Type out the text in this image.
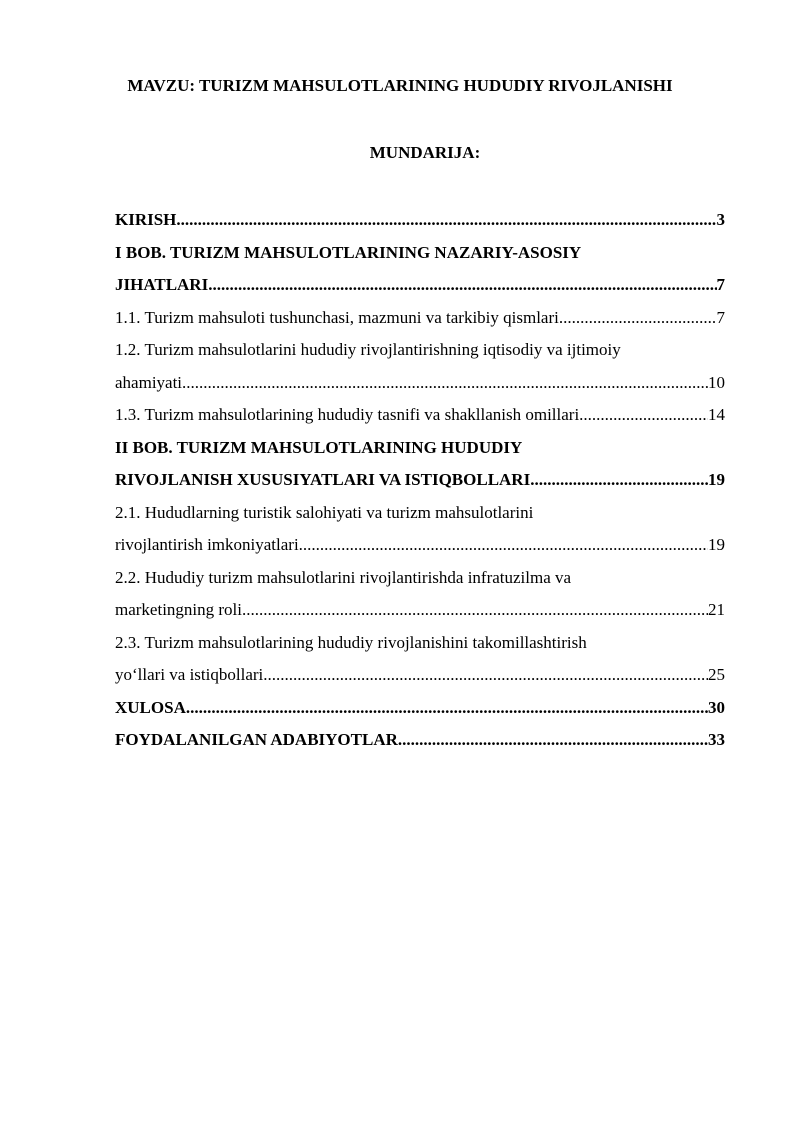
MAVZU: TURIZM MAHSULOTLARINING HUDUDIY RIVOJLANISHI
MUNDARIJA:
KIRISH .....	3
I BOB. TURIZM MAHSULOTLARINING NAZARIY-ASOSIY
JIHATLARI .....	7
1.1. Turizm mahsuloti tushunchasi, mazmuni va tarkibiy qismlari .....	7
1.2. Turizm mahsulotlarini hududiy rivojlantirishning iqtisodiy va ijtimoiy
ahamiyati .....	10
1.3. Turizm mahsulotlarining hududiy tasnifi va shakllanish omillari .....	14
II BOB. TURIZM MAHSULOTLARINING HUDUDIY
RIVOJLANISH XUSUSIYATLARI VA ISTIQBOLLARI .....	19
2.1. Hududlarning turistik salohiyati va turizm mahsulotlarini
rivojlantirish imkoniyatlari .....	19
2.2. Hududiy turizm mahsulotlarini rivojlantirishda infratuzilma va
marketingning roli .....	21
2.3. Turizm mahsulotlarining hududiy rivojlanishini takomillashtirish
yo‘llari va istiqbollari .....	25
XULOSA .....	30
FOYDALANILGAN ADABIYOTLAR .....	33
